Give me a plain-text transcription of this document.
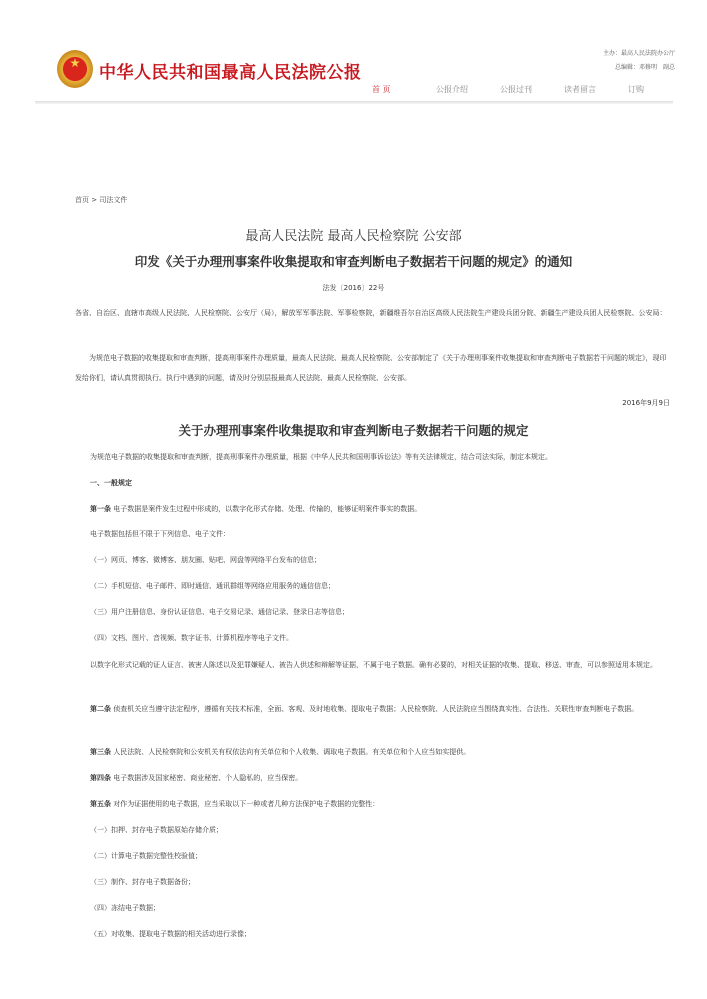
中华人民共和国最高人民法院公报
主办：最高人民法院办公厅
总编辑：邓修明　副总
首 页	公报介绍	公报过刊	读者留言	订购
首页 > 司法文件
最高人民法院 最高人民检察院 公安部
印发《关于办理刑事案件收集提取和审查判断电子数据若干问题的规定》的通知
法发〔2016〕22号
各省、自治区、直辖市高级人民法院、人民检察院、公安厅（局），解放军军事法院、军事检察院，新疆维吾尔自治区高级人民法院生产建设兵团分院、新疆生产建设兵团人民检察院、公安局：
为规范电子数据的收集提取和审查判断，提高刑事案件办理质量，最高人民法院、最高人民检察院、公安部制定了《关于办理刑事案件收集提取和审查判断电子数据若干问题的规定》，现印发给你们，请认真贯彻执行。执行中遇到的问题，请及时分别层报最高人民法院、最高人民检察院、公安部。
2016年9月9日
关于办理刑事案件收集提取和审查判断电子数据若干问题的规定
为规范电子数据的收集提取和审查判断，提高刑事案件办理质量，根据《中华人民共和国刑事诉讼法》等有关法律规定，结合司法实际，制定本规定。
一、一般规定
第一条 电子数据是案件发生过程中形成的，以数字化形式存储、处理、传输的，能够证明案件事实的数据。
电子数据包括但不限于下列信息、电子文件：
（一）网页、博客、微博客、朋友圈、贴吧、网盘等网络平台发布的信息；
（二）手机短信、电子邮件、即时通信、通讯群组等网络应用服务的通信信息；
（三）用户注册信息、身份认证信息、电子交易记录、通信记录、登录日志等信息；
（四）文档、图片、音视频、数字证书、计算机程序等电子文件。
以数字化形式记载的证人证言、被害人陈述以及犯罪嫌疑人、被告人供述和辩解等证据，不属于电子数据。确有必要的，对相关证据的收集、提取、移送、审查，可以参照适用本规定。
第二条 侦查机关应当遵守法定程序，遵循有关技术标准，全面、客观、及时地收集、提取电子数据；人民检察院、人民法院应当围绕真实性、合法性、关联性审查判断电子数据。
第三条 人民法院、人民检察院和公安机关有权依法向有关单位和个人收集、调取电子数据。有关单位和个人应当如实提供。
第四条 电子数据涉及国家秘密、商业秘密、个人隐私的，应当保密。
第五条 对作为证据使用的电子数据，应当采取以下一种或者几种方法保护电子数据的完整性：
（一）扣押、封存电子数据原始存储介质；
（二）计算电子数据完整性校验值；
（三）制作、封存电子数据备份；
（四）冻结电子数据；
（五）对收集、提取电子数据的相关活动进行录像；
